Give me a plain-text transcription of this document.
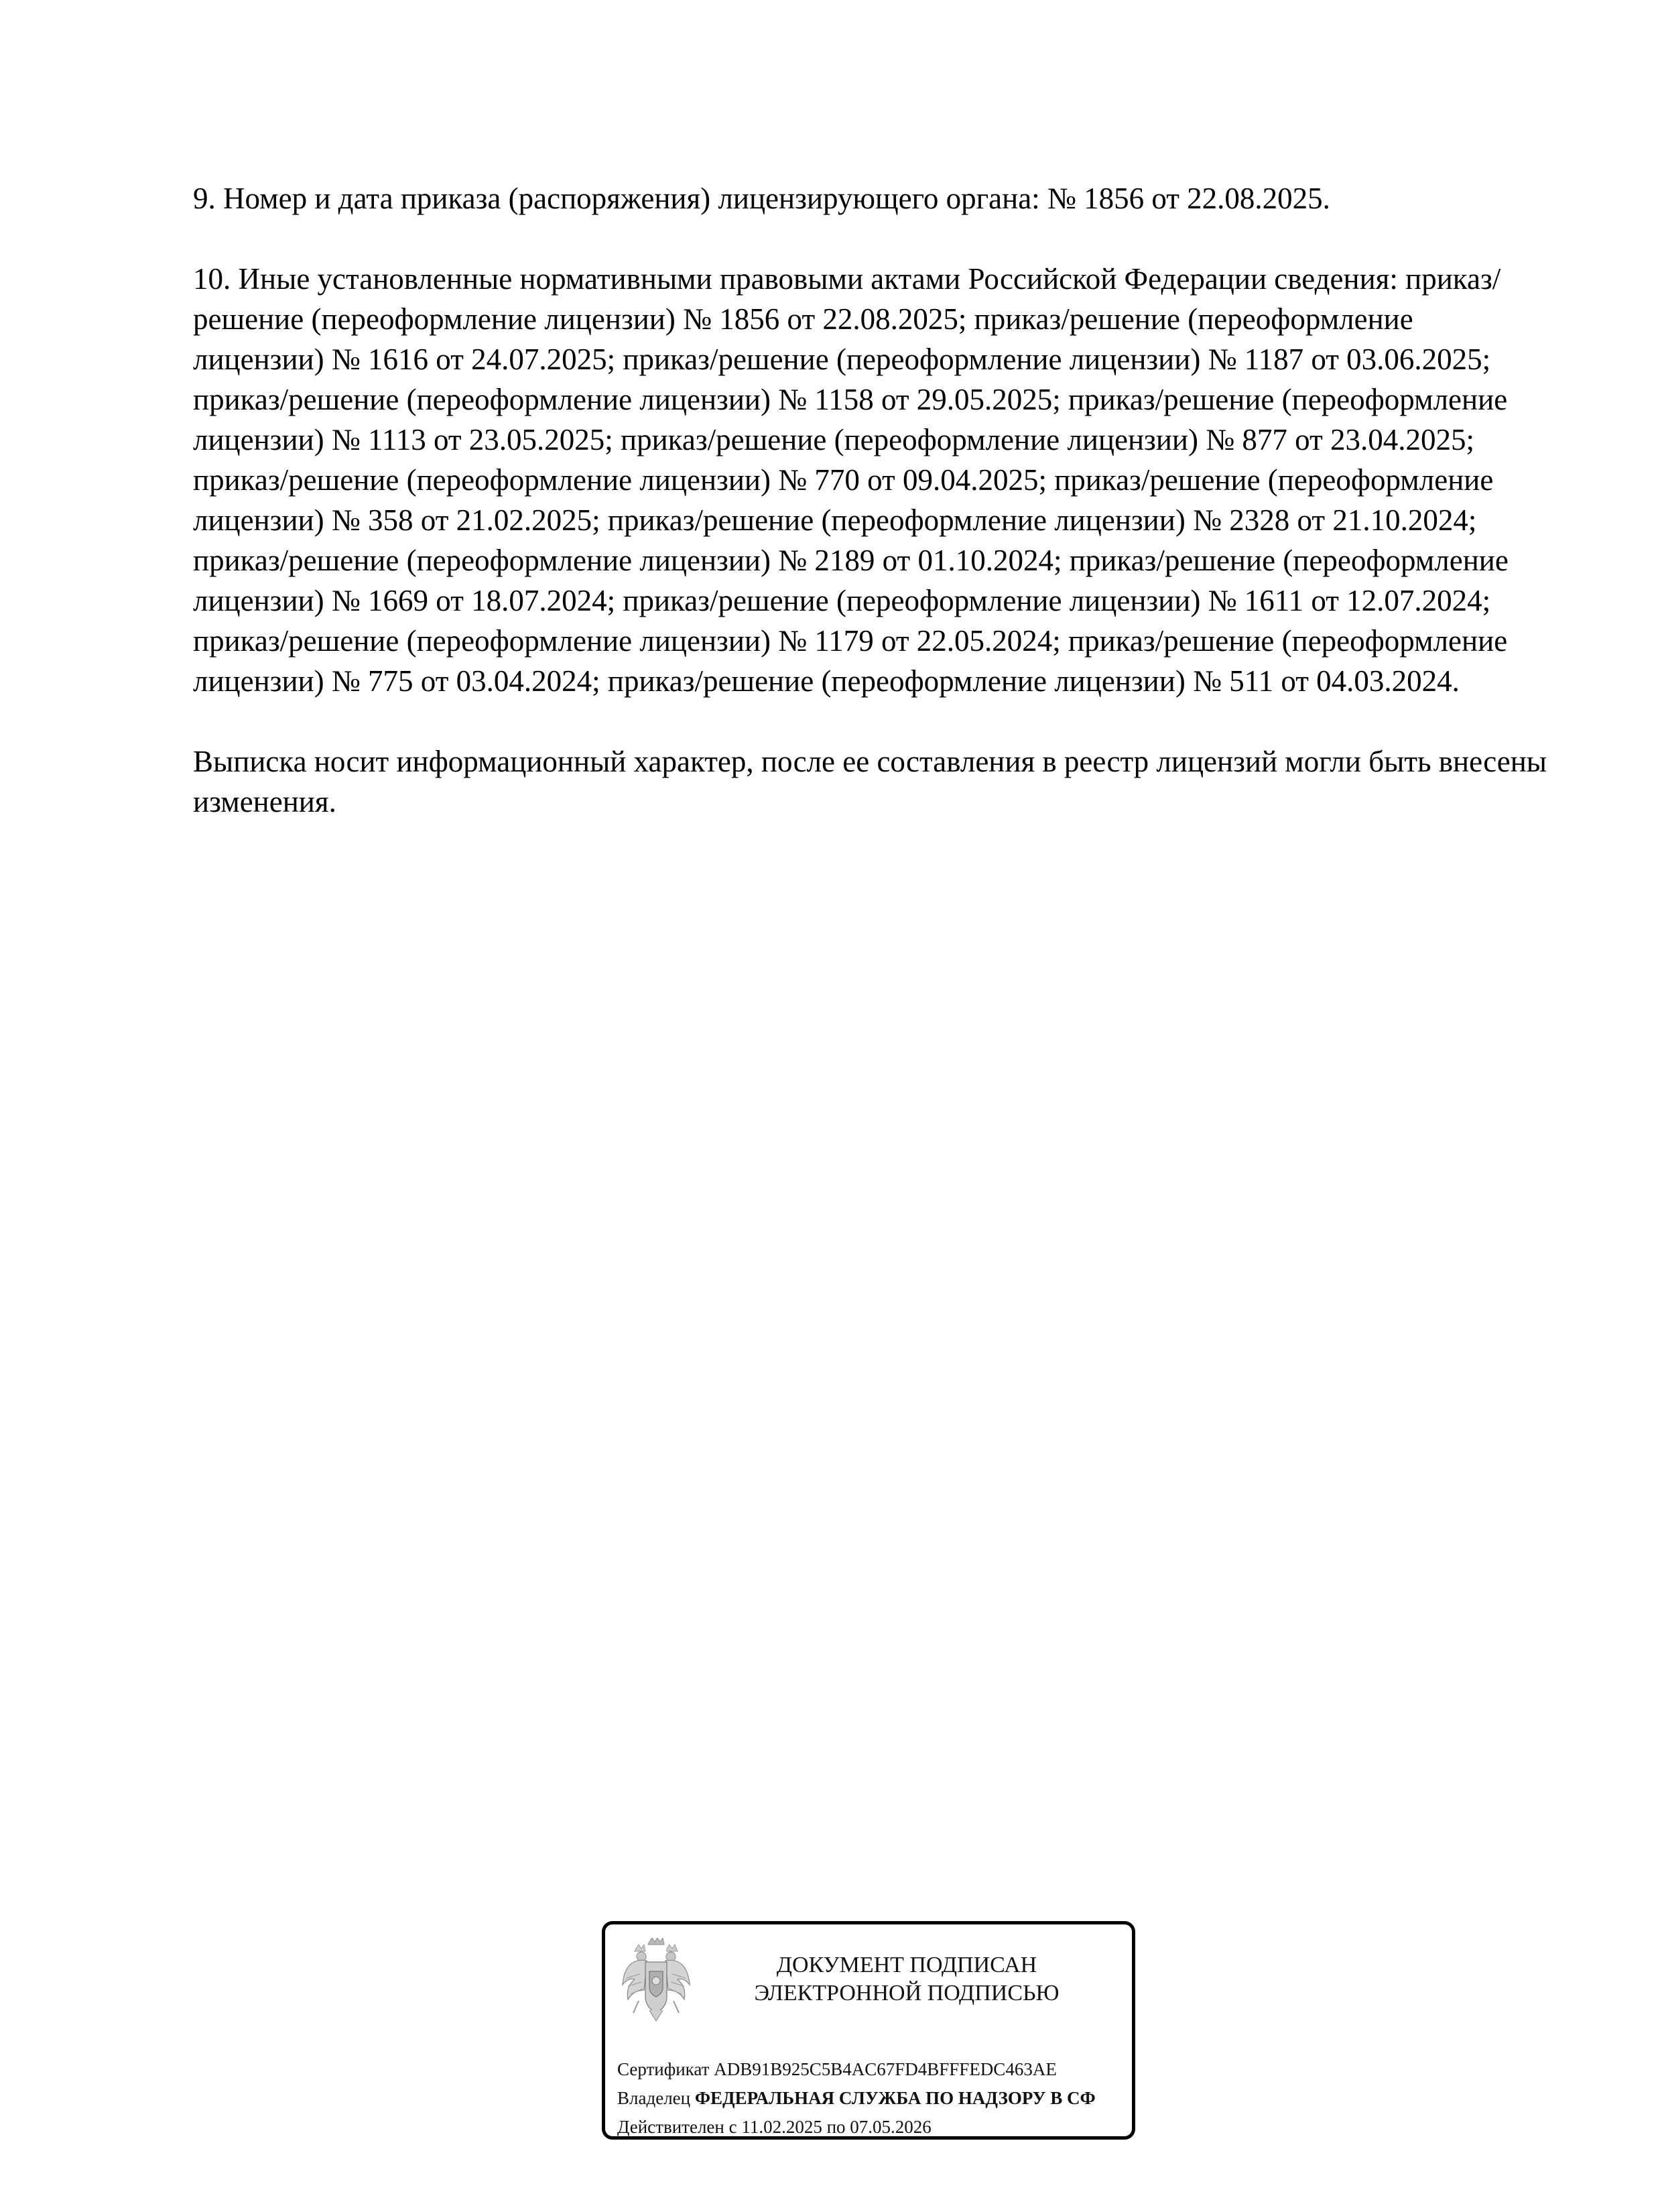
9. Номер и дата приказа (распоряжения) лицензирующего органа: № 1856 от 22.08.2025.

10. Иные установленные нормативными правовыми актами Российской Федерации сведения: приказ/решение (переоформление лицензии) № 1856 от 22.08.2025; приказ/решение (переоформление лицензии) № 1616 от 24.07.2025; приказ/решение (переоформление лицензии) № 1187 от 03.06.2025; приказ/решение (переоформление лицензии) № 1158 от 29.05.2025; приказ/решение (переоформление лицензии) № 1113 от 23.05.2025; приказ/решение (переоформление лицензии) № 877 от 23.04.2025; приказ/решение (переоформление лицензии) № 770 от 09.04.2025; приказ/решение (переоформление лицензии) № 358 от 21.02.2025; приказ/решение (переоформление лицензии) № 2328 от 21.10.2024; приказ/решение (переоформление лицензии) № 2189 от 01.10.2024; приказ/решение (переоформление лицензии) № 1669 от 18.07.2024; приказ/решение (переоформление лицензии) № 1611 от 12.07.2024; приказ/решение (переоформление лицензии) № 1179 от 22.05.2024; приказ/решение (переоформление лицензии) № 775 от 03.04.2024; приказ/решение (переоформление лицензии) № 511 от 04.03.2024.

Выписка носит информационный характер, после ее составления в реестр лицензий могли быть внесены изменения.

ДОКУМЕНТ ПОДПИСАН
ЭЛЕКТРОННОЙ ПОДПИСЬЮ
Сертификат ADB91B925C5B4AC67FD4BFFFEDC463AE
Владелец ФЕДЕРАЛЬНАЯ СЛУЖБА ПО НАДЗОРУ В СФ
Действителен с 11.02.2025 по 07.05.2026
